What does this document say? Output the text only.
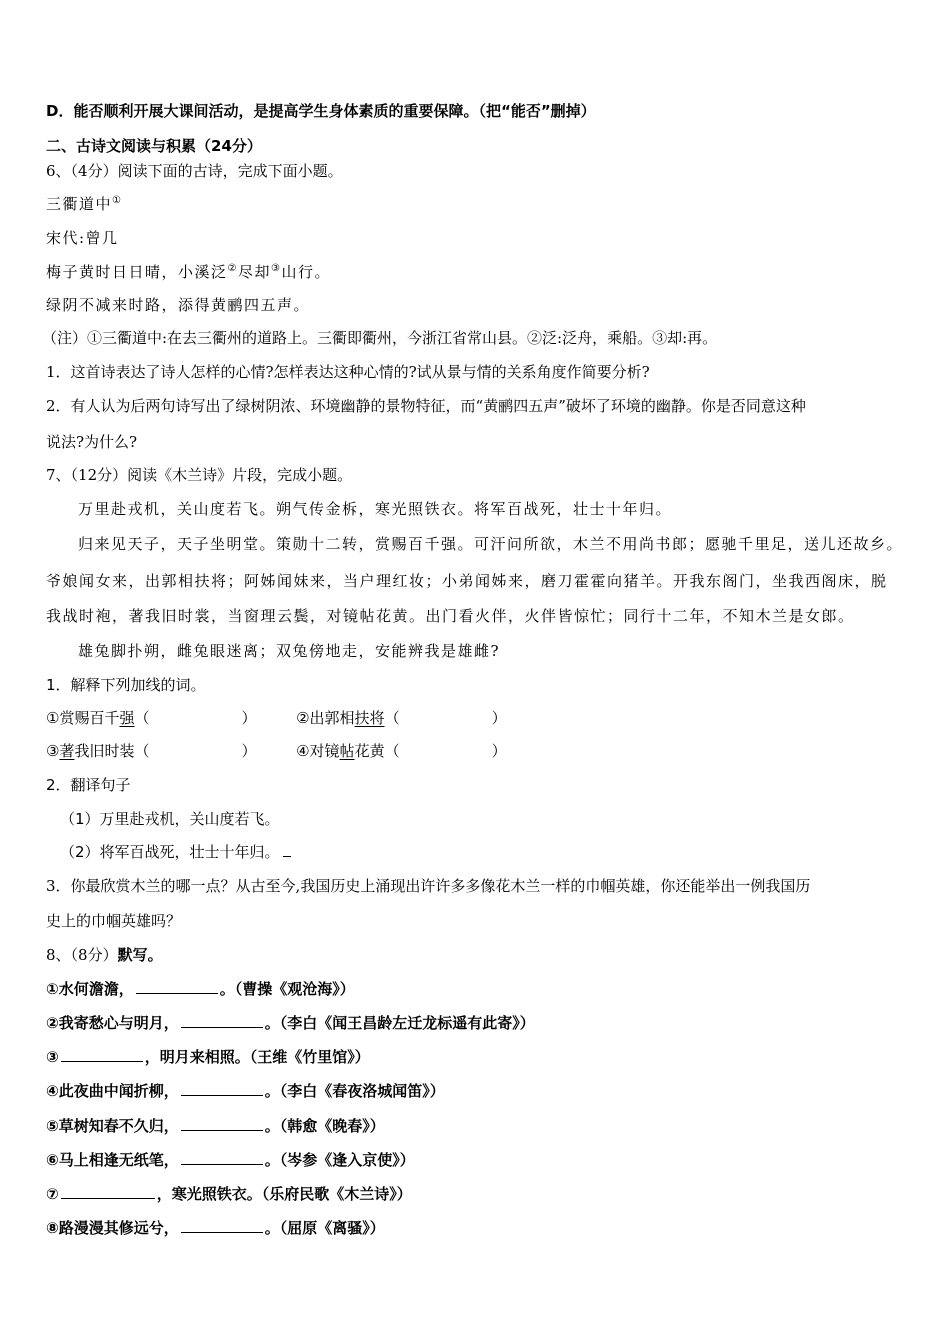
D．能否顺利开展大课间活动，是提高学生身体素质的重要保障。（把“能否”删掉）
二、古诗文阅读与积累（24分）
6、（4分）阅读下面的古诗，完成下面小题。
三衢道中①
宋代:曾几
梅子黄时日日晴，小溪泛②尽却③山行。
绿阴不减来时路，添得黄鹂四五声。
（注）①三衢道中:在去三衢州的道路上。三衢即衢州，今浙江省常山县。②泛:泛舟，乘船。③却:再。
1．这首诗表达了诗人怎样的心情?怎样表达这种心情的?试从景与情的关系角度作简要分析?
2．有人认为后两句诗写出了绿树阴浓、环境幽静的景物特征，而“黄鹂四五声”破坏了环境的幽静。你是否同意这种
说法?为什么?
7、（12分）阅读《木兰诗》片段，完成小题。
万里赴戎机，关山度若飞。朔气传金柝，寒光照铁衣。将军百战死，壮士十年归。
归来见天子，天子坐明堂。策勋十二转，赏赐百千强。可汗问所欲，木兰不用尚书郎；愿驰千里足，送儿还故乡。
爷娘闻女来，出郭相扶将；阿姊闻妹来，当户理红妆；小弟闻姊来，磨刀霍霍向猪羊。开我东阁门，坐我西阁床，脱
我战时袍，著我旧时裳，当窗理云鬓，对镜帖花黄。出门看火伴，火伴皆惊忙；同行十二年，不知木兰是女郎。
雄兔脚扑朔，雌兔眼迷离；双兔傍地走，安能辨我是雄雌?
1．解释下列加线的词。
①赏赐百千强（	）	②出郭相扶将（	）
③著我旧时装（	）	④对镜帖花黄（	）
2．翻译句子
（1）万里赴戎机，关山度若飞。
（2）将军百战死，壮士十年归。
3．你最欣赏木兰的哪一点？从古至今,我国历史上涌现出许许多多像花木兰一样的巾帼英雄，你还能举出一例我国历
史上的巾帼英雄吗？
8、（8分）默写。
①水何澹澹，	。（曹操《观沧海》）
②我寄愁心与明月，	。（李白《闻王昌龄左迁龙标遥有此寄》）
③	，明月来相照。（王维《竹里馆》）
④此夜曲中闻折柳，	。（李白《春夜洛城闻笛》）
⑤草树知春不久归，	。（韩愈《晚春》）
⑥马上相逢无纸笔，	。（岑参《逢入京使》）
⑦	，寒光照铁衣。（乐府民歌《木兰诗》）
⑧路漫漫其修远兮，	。（屈原《离骚》）
